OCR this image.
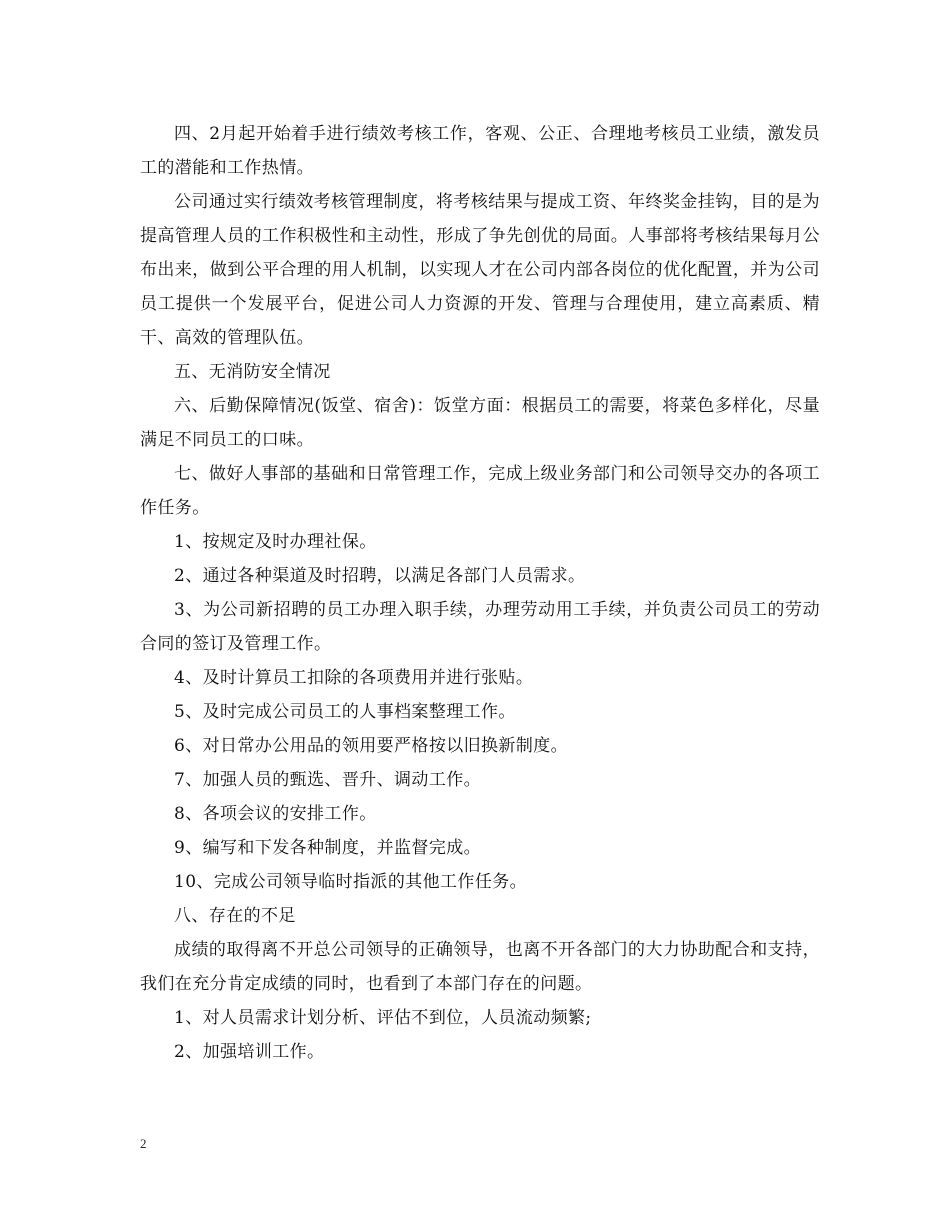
四、2月起开始着手进行绩效考核工作，客观、公正、合理地考核员工业绩，激发员工的潜能和工作热情。

公司通过实行绩效考核管理制度，将考核结果与提成工资、年终奖金挂钩，目的是为提高管理人员的工作积极性和主动性，形成了争先创优的局面。人事部将考核结果每月公布出来，做到公平合理的用人机制，以实现人才在公司内部各岗位的优化配置，并为公司员工提供一个发展平台，促进公司人力资源的开发、管理与合理使用，建立高素质、精干、高效的管理队伍。

五、无消防安全情况

六、后勤保障情况(饭堂、宿舍)：饭堂方面：根据员工的需要，将菜色多样化，尽量满足不同员工的口味。

七、做好人事部的基础和日常管理工作，完成上级业务部门和公司领导交办的各项工作任务。

1、按规定及时办理社保。

2、通过各种渠道及时招聘，以满足各部门人员需求。

3、为公司新招聘的员工办理入职手续，办理劳动用工手续，并负责公司员工的劳动合同的签订及管理工作。

4、及时计算员工扣除的各项费用并进行张贴。

5、及时完成公司员工的人事档案整理工作。

6、对日常办公用品的领用要严格按以旧换新制度。

7、加强人员的甄选、晋升、调动工作。

8、各项会议的安排工作。

9、编写和下发各种制度，并监督完成。

10、完成公司领导临时指派的其他工作任务。

八、存在的不足

成绩的取得离不开总公司领导的正确领导，也离不开各部门的大力协助配合和支持，我们在充分肯定成绩的同时，也看到了本部门存在的问题。

1、对人员需求计划分析、评估不到位，人员流动频繁;

2、加强培训工作。

2
